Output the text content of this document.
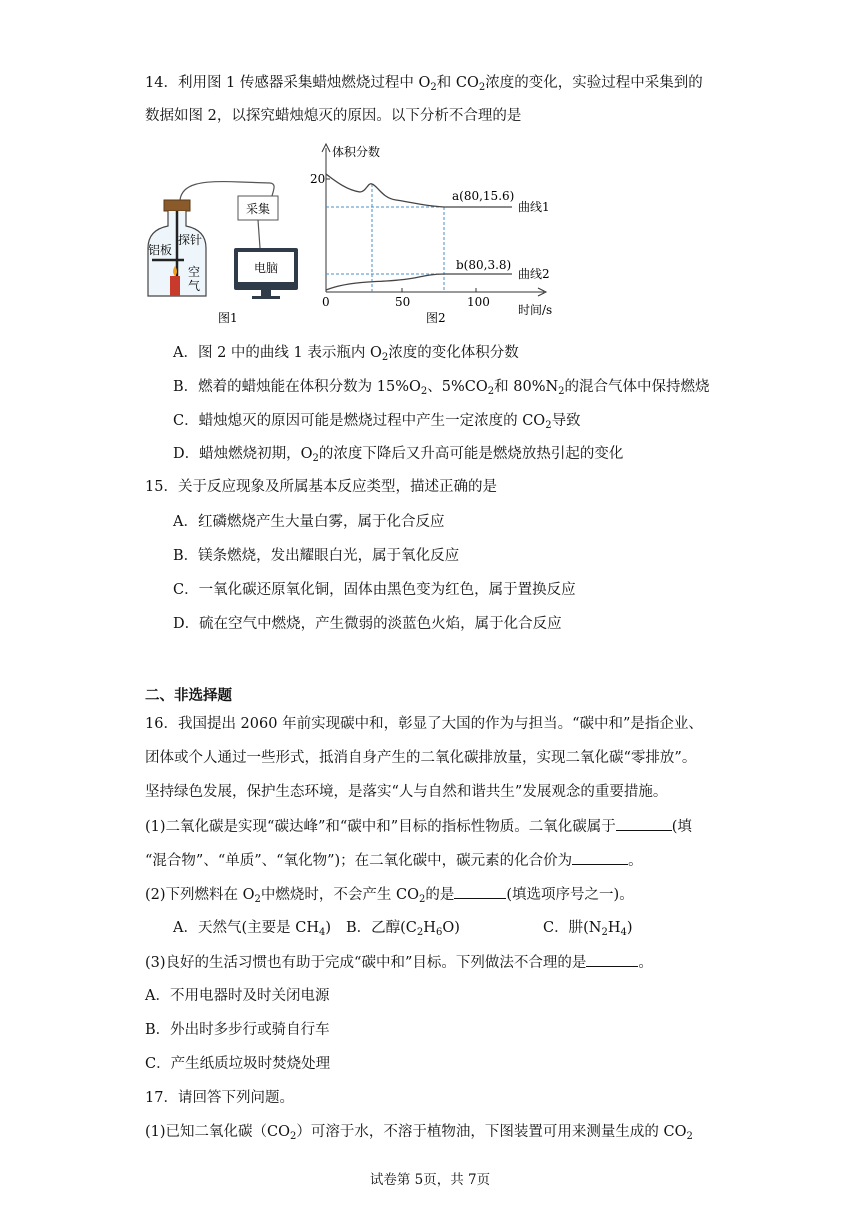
14．利用图 1 传感器采集蜡烛燃烧过程中 $O_2$和 $CO_2$浓度的变化，实验过程中采集到的
数据如图 2，以探究蜡烛熄灭的原因。以下分析不合理的是
探针
铝板
空
气
采集
电脑
图1
体积分数
20
0	50	100
时间/s
a(80,15.6)
b(80,3.8)
曲线1
曲线2
图2
A．图 2 中的曲线 1 表示瓶内 $O_2$浓度的变化体积分数
B．燃着的蜡烛能在体积分数为 $15\%O_2$、$5\%CO_2$和 $80\%N_2$的混合气体中保持燃烧
C．蜡烛熄灭的原因可能是燃烧过程中产生一定浓度的 $CO_2$导致
D．蜡烛燃烧初期，$O_2$的浓度下降后又升高可能是燃烧放热引起的变化
15．关于反应现象及所属基本反应类型，描述正确的是
A．红磷燃烧产生大量白雾，属于化合反应
B．镁条燃烧，发出耀眼白光，属于氧化反应
C．一氧化碳还原氧化铜，固体由黑色变为红色，属于置换反应
D．硫在空气中燃烧，产生微弱的淡蓝色火焰，属于化合反应
二、非选择题
16．我国提出 2060 年前实现碳中和，彰显了大国的作为与担当。“碳中和”是指企业、
团体或个人通过一些形式，抵消自身产生的二氧化碳排放量，实现二氧化碳“零排放”。
坚持绿色发展，保护生态环境，是落实“人与自然和谐共生”发展观念的重要措施。
(1)二氧化碳是实现“碳达峰”和“碳中和”目标的指标性物质。二氧化碳属于	(填
“混合物”、“单质”、“氧化物”)；在二氧化碳中，碳元素的化合价为	。
(2)下列燃料在 $O_2$中燃烧时，不会产生 $CO_2$的是	(填选项序号之一)。
A．天然气(主要是 $CH_4$) B．乙醇$(C_2H_6O)$	C．肼$(N_2H_4)$
(3)良好的生活习惯也有助于完成“碳中和”目标。下列做法不合理的是	。
A．不用电器时及时关闭电源
B．外出时多步行或骑自行车
C．产生纸质垃圾时焚烧处理
17．请回答下列问题。
(1)已知二氧化碳$(CO_2)$可溶于水，不溶于植物油，下图装置可用来测量生成的 $CO_2$
试卷第 5页，共 7页
